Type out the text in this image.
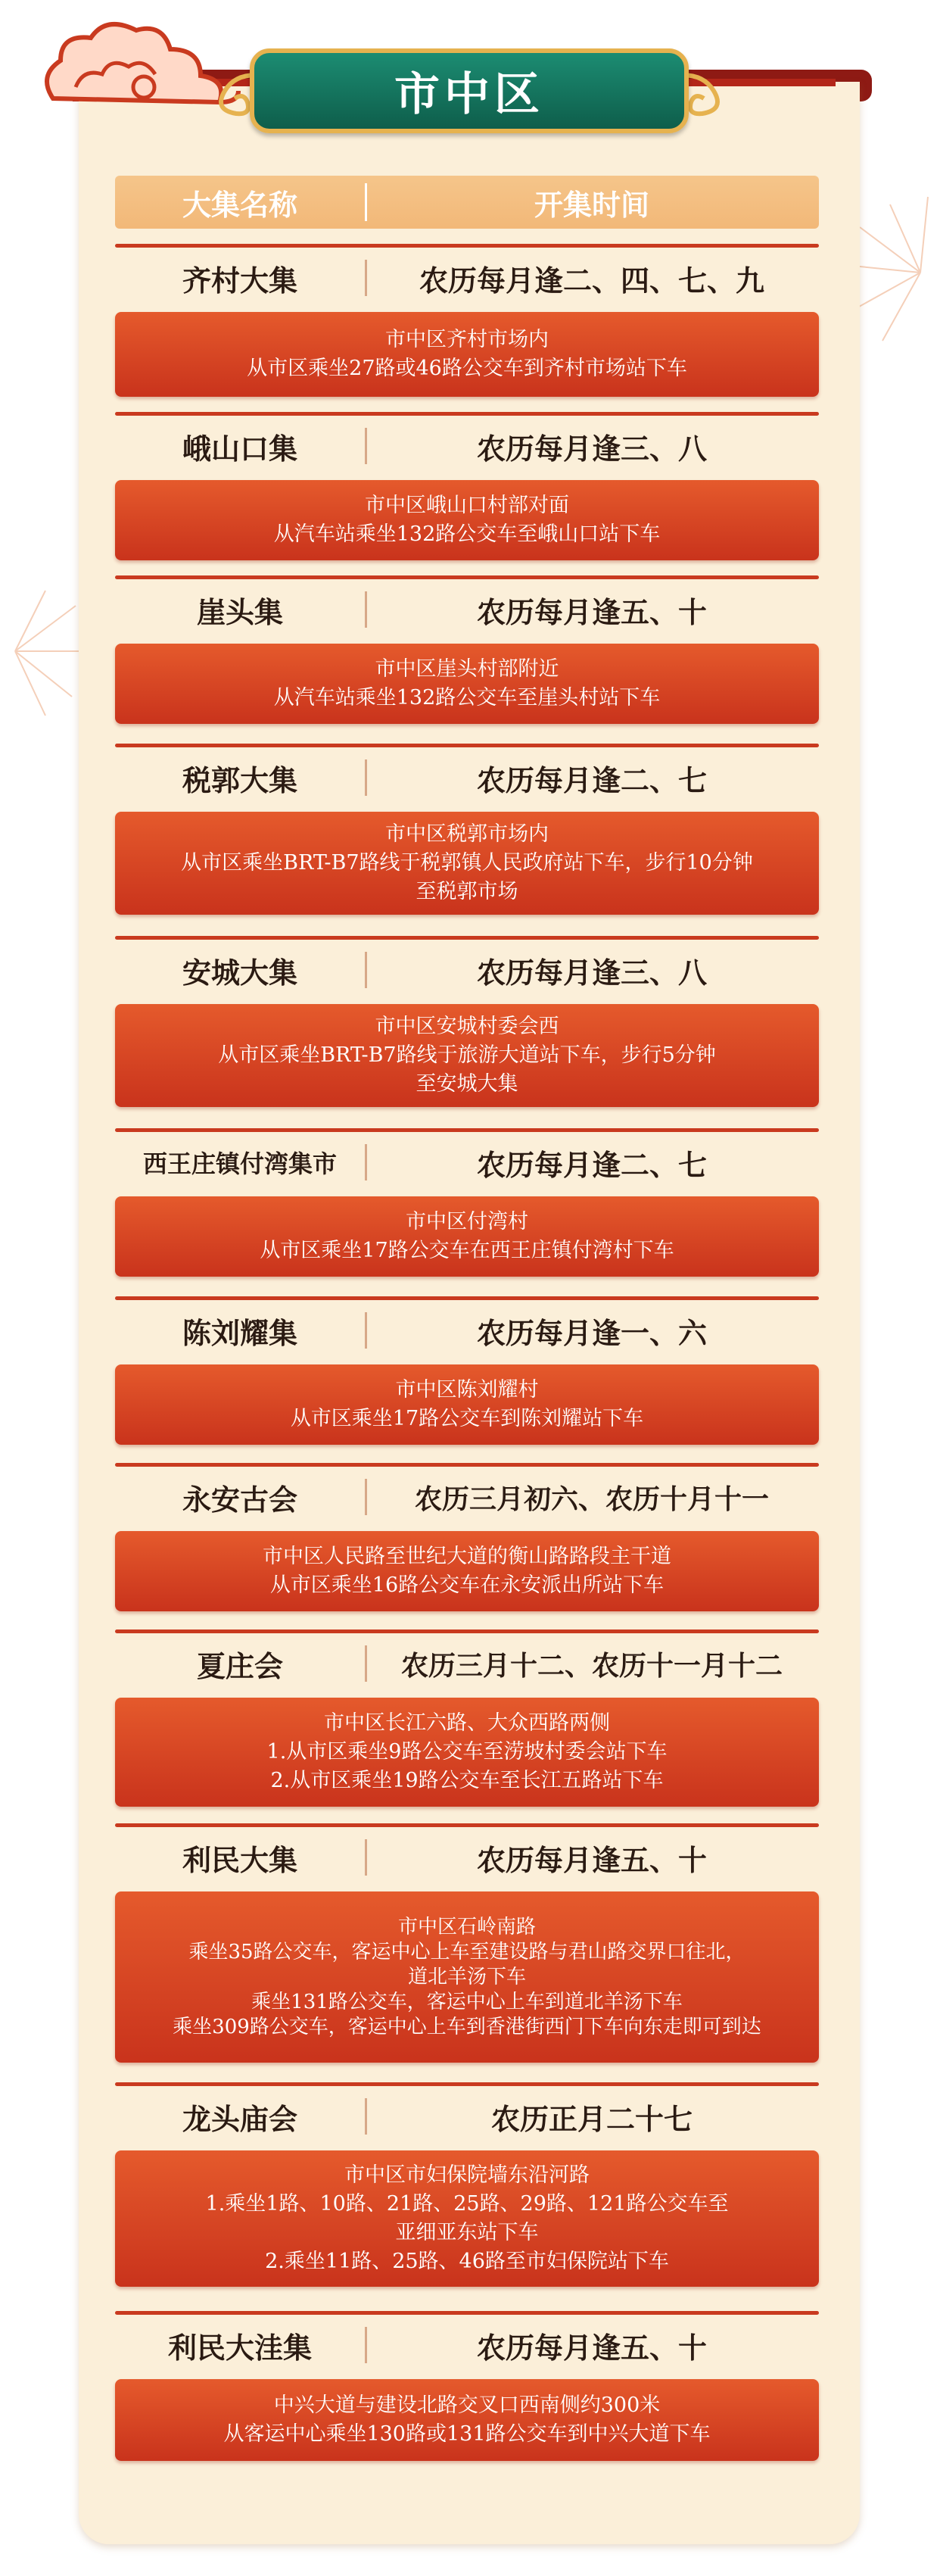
市中区
大集名称	开集时间
齐村大集	农历每月逢二、四、七、九
市中区齐村市场内
从市区乘坐27路或46路公交车到齐村市场站下车
峨山口集	农历每月逢三、八
市中区峨山口村部对面
从汽车站乘坐132路公交车至峨山口站下车
崖头集	农历每月逢五、十
市中区崖头村部附近
从汽车站乘坐132路公交车至崖头村站下车
税郭大集	农历每月逢二、七
市中区税郭市场内
从市区乘坐BRT-B7路线于税郭镇人民政府站下车，步行10分钟
至税郭市场
安城大集	农历每月逢三、八
市中区安城村委会西
从市区乘坐BRT-B7路线于旅游大道站下车，步行5分钟
至安城大集
西王庄镇付湾集市	农历每月逢二、七
市中区付湾村
从市区乘坐17路公交车在西王庄镇付湾村下车
陈刘耀集	农历每月逢一、六
市中区陈刘耀村
从市区乘坐17路公交车到陈刘耀站下车
永安古会	农历三月初六、农历十月十一
市中区人民路至世纪大道的衡山路路段主干道
从市区乘坐16路公交车在永安派出所站下车
夏庄会	农历三月十二、农历十一月十二
市中区长江六路、大众西路两侧
1.从市区乘坐9路公交车至涝坡村委会站下车
2.从市区乘坐19路公交车至长江五路站下车
利民大集	农历每月逢五、十
市中区石岭南路
乘坐35路公交车，客运中心上车至建设路与君山路交界口往北，
道北羊汤下车
乘坐131路公交车，客运中心上车到道北羊汤下车
乘坐309路公交车，客运中心上车到香港街西门下车向东走即可到达
龙头庙会	农历正月二十七
市中区市妇保院墙东沿河路
1.乘坐1路、10路、21路、25路、29路、121路公交车至
亚细亚东站下车
2.乘坐11路、25路、46路至市妇保院站下车
利民大洼集	农历每月逢五、十
中兴大道与建设北路交叉口西南侧约300米
从客运中心乘坐130路或131路公交车到中兴大道下车
